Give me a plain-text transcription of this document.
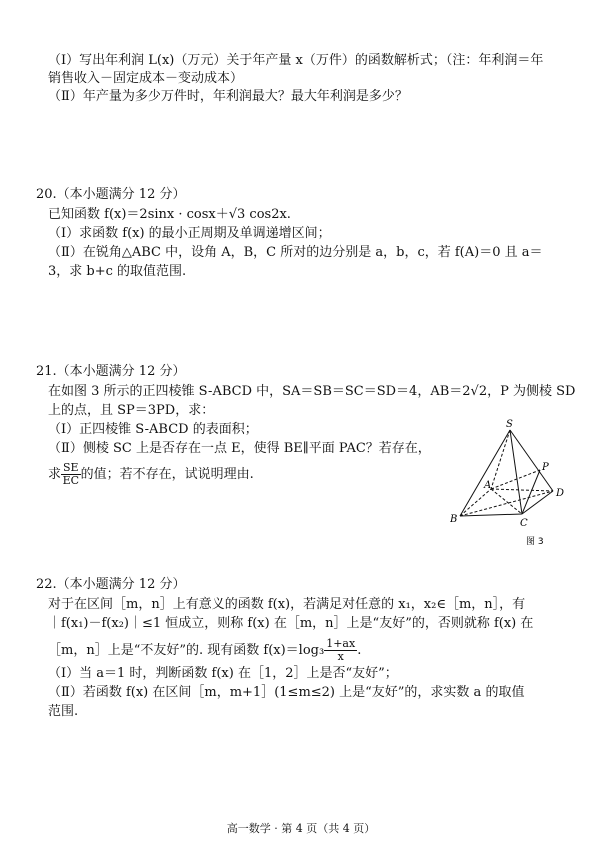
（Ⅰ）写出年利润 L(x)（万元）关于年产量 x（万件）的函数解析式；（注：年利润＝年
销售收入－固定成本－变动成本）
（Ⅱ）年产量为多少万件时，年利润最大？最大年利润是多少？
20.（本小题满分 12 分）
已知函数 f(x)＝2sinx · cosx＋√3 cos2x.
（Ⅰ）求函数 f(x) 的最小正周期及单调递增区间；
（Ⅱ）在锐角△ABC 中，设角 A，B，C 所对的边分别是 a，b，c，若 f(A)＝0 且 a＝
3，求 b+c 的取值范围.
21.（本小题满分 12 分）
在如图 3 所示的正四棱锥 S-ABCD 中，SA＝SB＝SC＝SD＝4，AB＝2√2，P 为侧棱 SD
上的点，且 SP＝3PD，求：
（Ⅰ）正四棱锥 S-ABCD 的表面积；
（Ⅱ）侧棱 SC 上是否存在一点 E，使得 BE∥平面 PAC？若存在，
求 $\frac{SE}{EC}$ 的值；若不存在，试说明理由.
S
A
B	C
D
P
图 3
22.（本小题满分 12 分）
对于在区间［m，n］上有意义的函数 f(x)，若满足对任意的 x₁，x₂∈［m，n］，有
｜f(x₁)－f(x₂)｜≤1 恒成立，则称 f(x) 在［m，n］上是“友好”的，否则就称 f(x) 在
［m，n］上是“不友好”的. 现有函数 $f(x)=\log_3 \frac{1+ax}{x}$ .
（Ⅰ）当 a＝1 时，判断函数 f(x) 在［1，2］上是否“友好”；
（Ⅱ）若函数 f(x) 在区间［m，m+1］(1≤m≤2) 上是“友好”的，求实数 a 的取值
范围.
高一数学 · 第 4 页（共 4 页）
